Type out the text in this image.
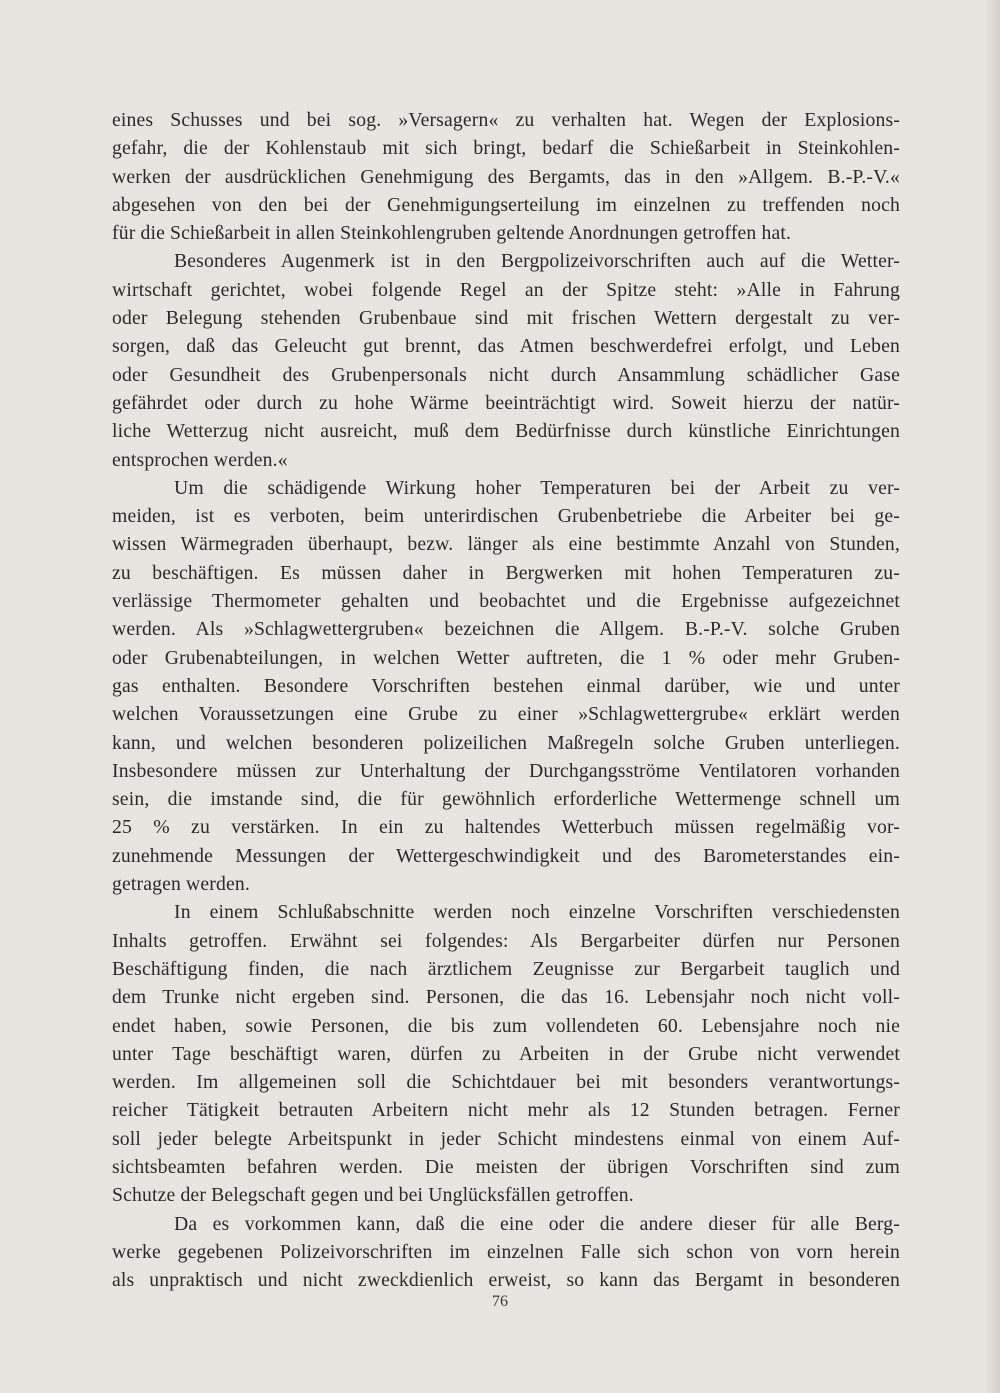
eines Schusses und bei sog. »Versagern« zu verhalten hat. Wegen der Explosions-
gefahr, die der Kohlenstaub mit sich bringt, bedarf die Schießarbeit in Steinkohlen-
werken der ausdrücklichen Genehmigung des Bergamts, das in den »Allgem. B.-P.-V.«
abgesehen von den bei der Genehmigungserteilung im einzelnen zu treffenden noch
für die Schießarbeit in allen Steinkohlengruben geltende Anordnungen getroffen hat.

Besonderes Augenmerk ist in den Bergpolizeivorschriften auch auf die Wetter-
wirtschaft gerichtet, wobei folgende Regel an der Spitze steht: »Alle in Fahrung
oder Belegung stehenden Grubenbaue sind mit frischen Wettern dergestalt zu ver-
sorgen, daß das Geleucht gut brennt, das Atmen beschwerdefrei erfolgt, und Leben
oder Gesundheit des Grubenpersonals nicht durch Ansammlung schädlicher Gase
gefährdet oder durch zu hohe Wärme beeinträchtigt wird. Soweit hierzu der natür-
liche Wetterzug nicht ausreicht, muß dem Bedürfnisse durch künstliche Einrichtungen
entsprochen werden.«

Um die schädigende Wirkung hoher Temperaturen bei der Arbeit zu ver-
meiden, ist es verboten, beim unterirdischen Grubenbetriebe die Arbeiter bei ge-
wissen Wärmegraden überhaupt, bezw. länger als eine bestimmte Anzahl von Stunden,
zu beschäftigen. Es müssen daher in Bergwerken mit hohen Temperaturen zu-
verlässige Thermometer gehalten und beobachtet und die Ergebnisse aufgezeichnet
werden. Als »Schlagwettergruben« bezeichnen die Allgem. B.-P.-V. solche Gruben
oder Grubenabteilungen, in welchen Wetter auftreten, die 1 % oder mehr Gruben-
gas enthalten. Besondere Vorschriften bestehen einmal darüber, wie und unter
welchen Voraussetzungen eine Grube zu einer »Schlagwettergrube« erklärt werden
kann, und welchen besonderen polizeilichen Maßregeln solche Gruben unterliegen.
Insbesondere müssen zur Unterhaltung der Durchgangsströme Ventilatoren vorhanden
sein, die imstande sind, die für gewöhnlich erforderliche Wettermenge schnell um
25 % zu verstärken. In ein zu haltendes Wetterbuch müssen regelmäßig vor-
zunehmende Messungen der Wettergeschwindigkeit und des Barometerstandes ein-
getragen werden.

In einem Schlußabschnitte werden noch einzelne Vorschriften verschiedensten
Inhalts getroffen. Erwähnt sei folgendes: Als Bergarbeiter dürfen nur Personen
Beschäftigung finden, die nach ärztlichem Zeugnisse zur Bergarbeit tauglich und
dem Trunke nicht ergeben sind. Personen, die das 16. Lebensjahr noch nicht voll-
endet haben, sowie Personen, die bis zum vollendeten 60. Lebensjahre noch nie
unter Tage beschäftigt waren, dürfen zu Arbeiten in der Grube nicht verwendet
werden. Im allgemeinen soll die Schichtdauer bei mit besonders verantwortungs-
reicher Tätigkeit betrauten Arbeitern nicht mehr als 12 Stunden betragen. Ferner
soll jeder belegte Arbeitspunkt in jeder Schicht mindestens einmal von einem Auf-
sichtsbeamten befahren werden. Die meisten der übrigen Vorschriften sind zum
Schutze der Belegschaft gegen und bei Unglücksfällen getroffen.

Da es vorkommen kann, daß die eine oder die andere dieser für alle Berg-
werke gegebenen Polizeivorschriften im einzelnen Falle sich schon von vorn herein
als unpraktisch und nicht zweckdienlich erweist, so kann das Bergamt in besonderen

76
